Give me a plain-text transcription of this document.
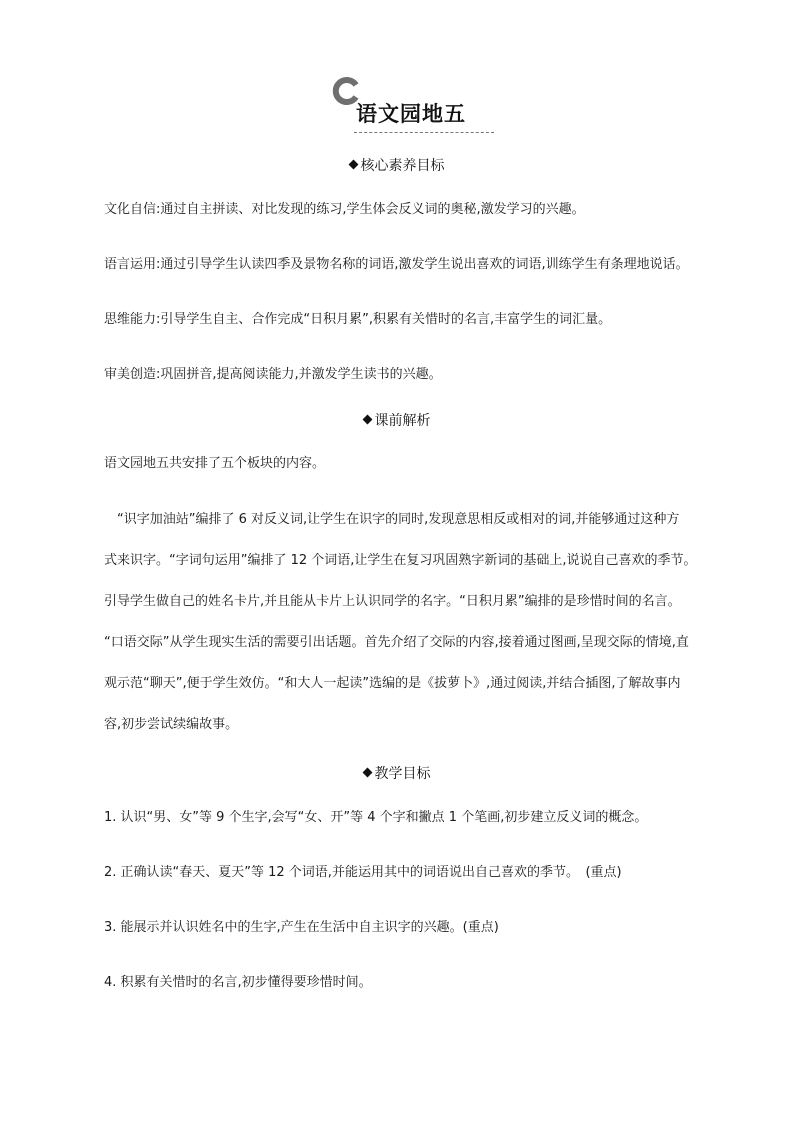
语文园地五
核心素养目标
文化自信:通过自主拼读、对比发现的练习,学生体会反义词的奥秘,激发学习的兴趣。
语言运用:通过引导学生认读四季及景物名称的词语,激发学生说出喜欢的词语,训练学生有条理地说话。
思维能力:引导学生自主、合作完成“日积月累”,积累有关惜时的名言,丰富学生的词汇量。
审美创造:巩固拼音,提高阅读能力,并激发学生读书的兴趣。
课前解析
语文园地五共安排了五个板块的内容。
“识字加油站”编排了 6 对反义词,让学生在识字的同时,发现意思相反或相对的词,并能够通过这种方
式来识字。“字词句运用”编排了 12 个词语,让学生在复习巩固熟字新词的基础上,说说自己喜欢的季节。
引导学生做自己的姓名卡片,并且能从卡片上认识同学的名字。“日积月累”编排的是珍惜时间的名言。
“口语交际”从学生现实生活的需要引出话题。首先介绍了交际的内容,接着通过图画,呈现交际的情境,直
观示范“聊天”,便于学生效仿。“和大人一起读”选编的是《拔萝卜》,通过阅读,并结合插图,了解故事内
容,初步尝试续编故事。
教学目标
1. 认识“男、女”等 9 个生字,会写“女、开”等 4 个字和撇点 1 个笔画,初步建立反义词的概念。
2. 正确认读“春天、夏天”等 12 个词语,并能运用其中的词语说出自己喜欢的季节。　(重点)
3. 能展示并认识姓名中的生字,产生在生活中自主识字的兴趣。(重点)
4. 积累有关惜时的名言,初步懂得要珍惜时间。
